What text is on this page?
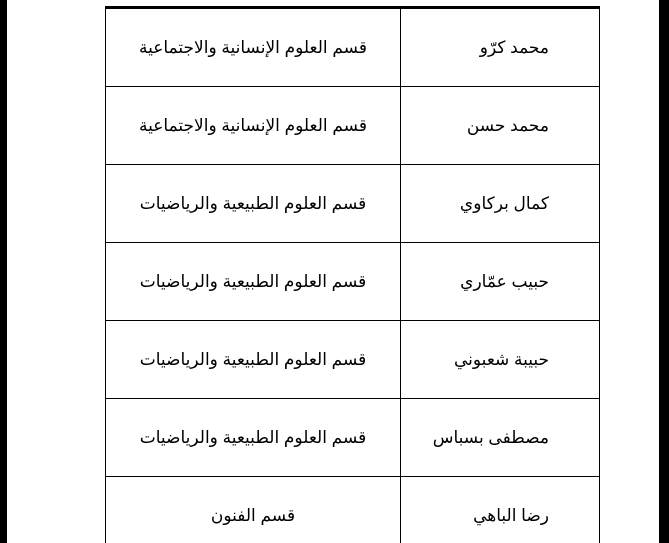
محمد كرّو	قسم العلوم الإنسانية والاجتماعية
محمد حسن	قسم العلوم الإنسانية والاجتماعية
كمال بركاوي	قسم العلوم الطبيعية والرياضيات
حبيب عمّاري	قسم العلوم الطبيعية والرياضيات
حبيبة شعبوني	قسم العلوم الطبيعية والرياضيات
مصطفى بسباس	قسم العلوم الطبيعية والرياضيات
رضا الباهي	قسم الفنون
